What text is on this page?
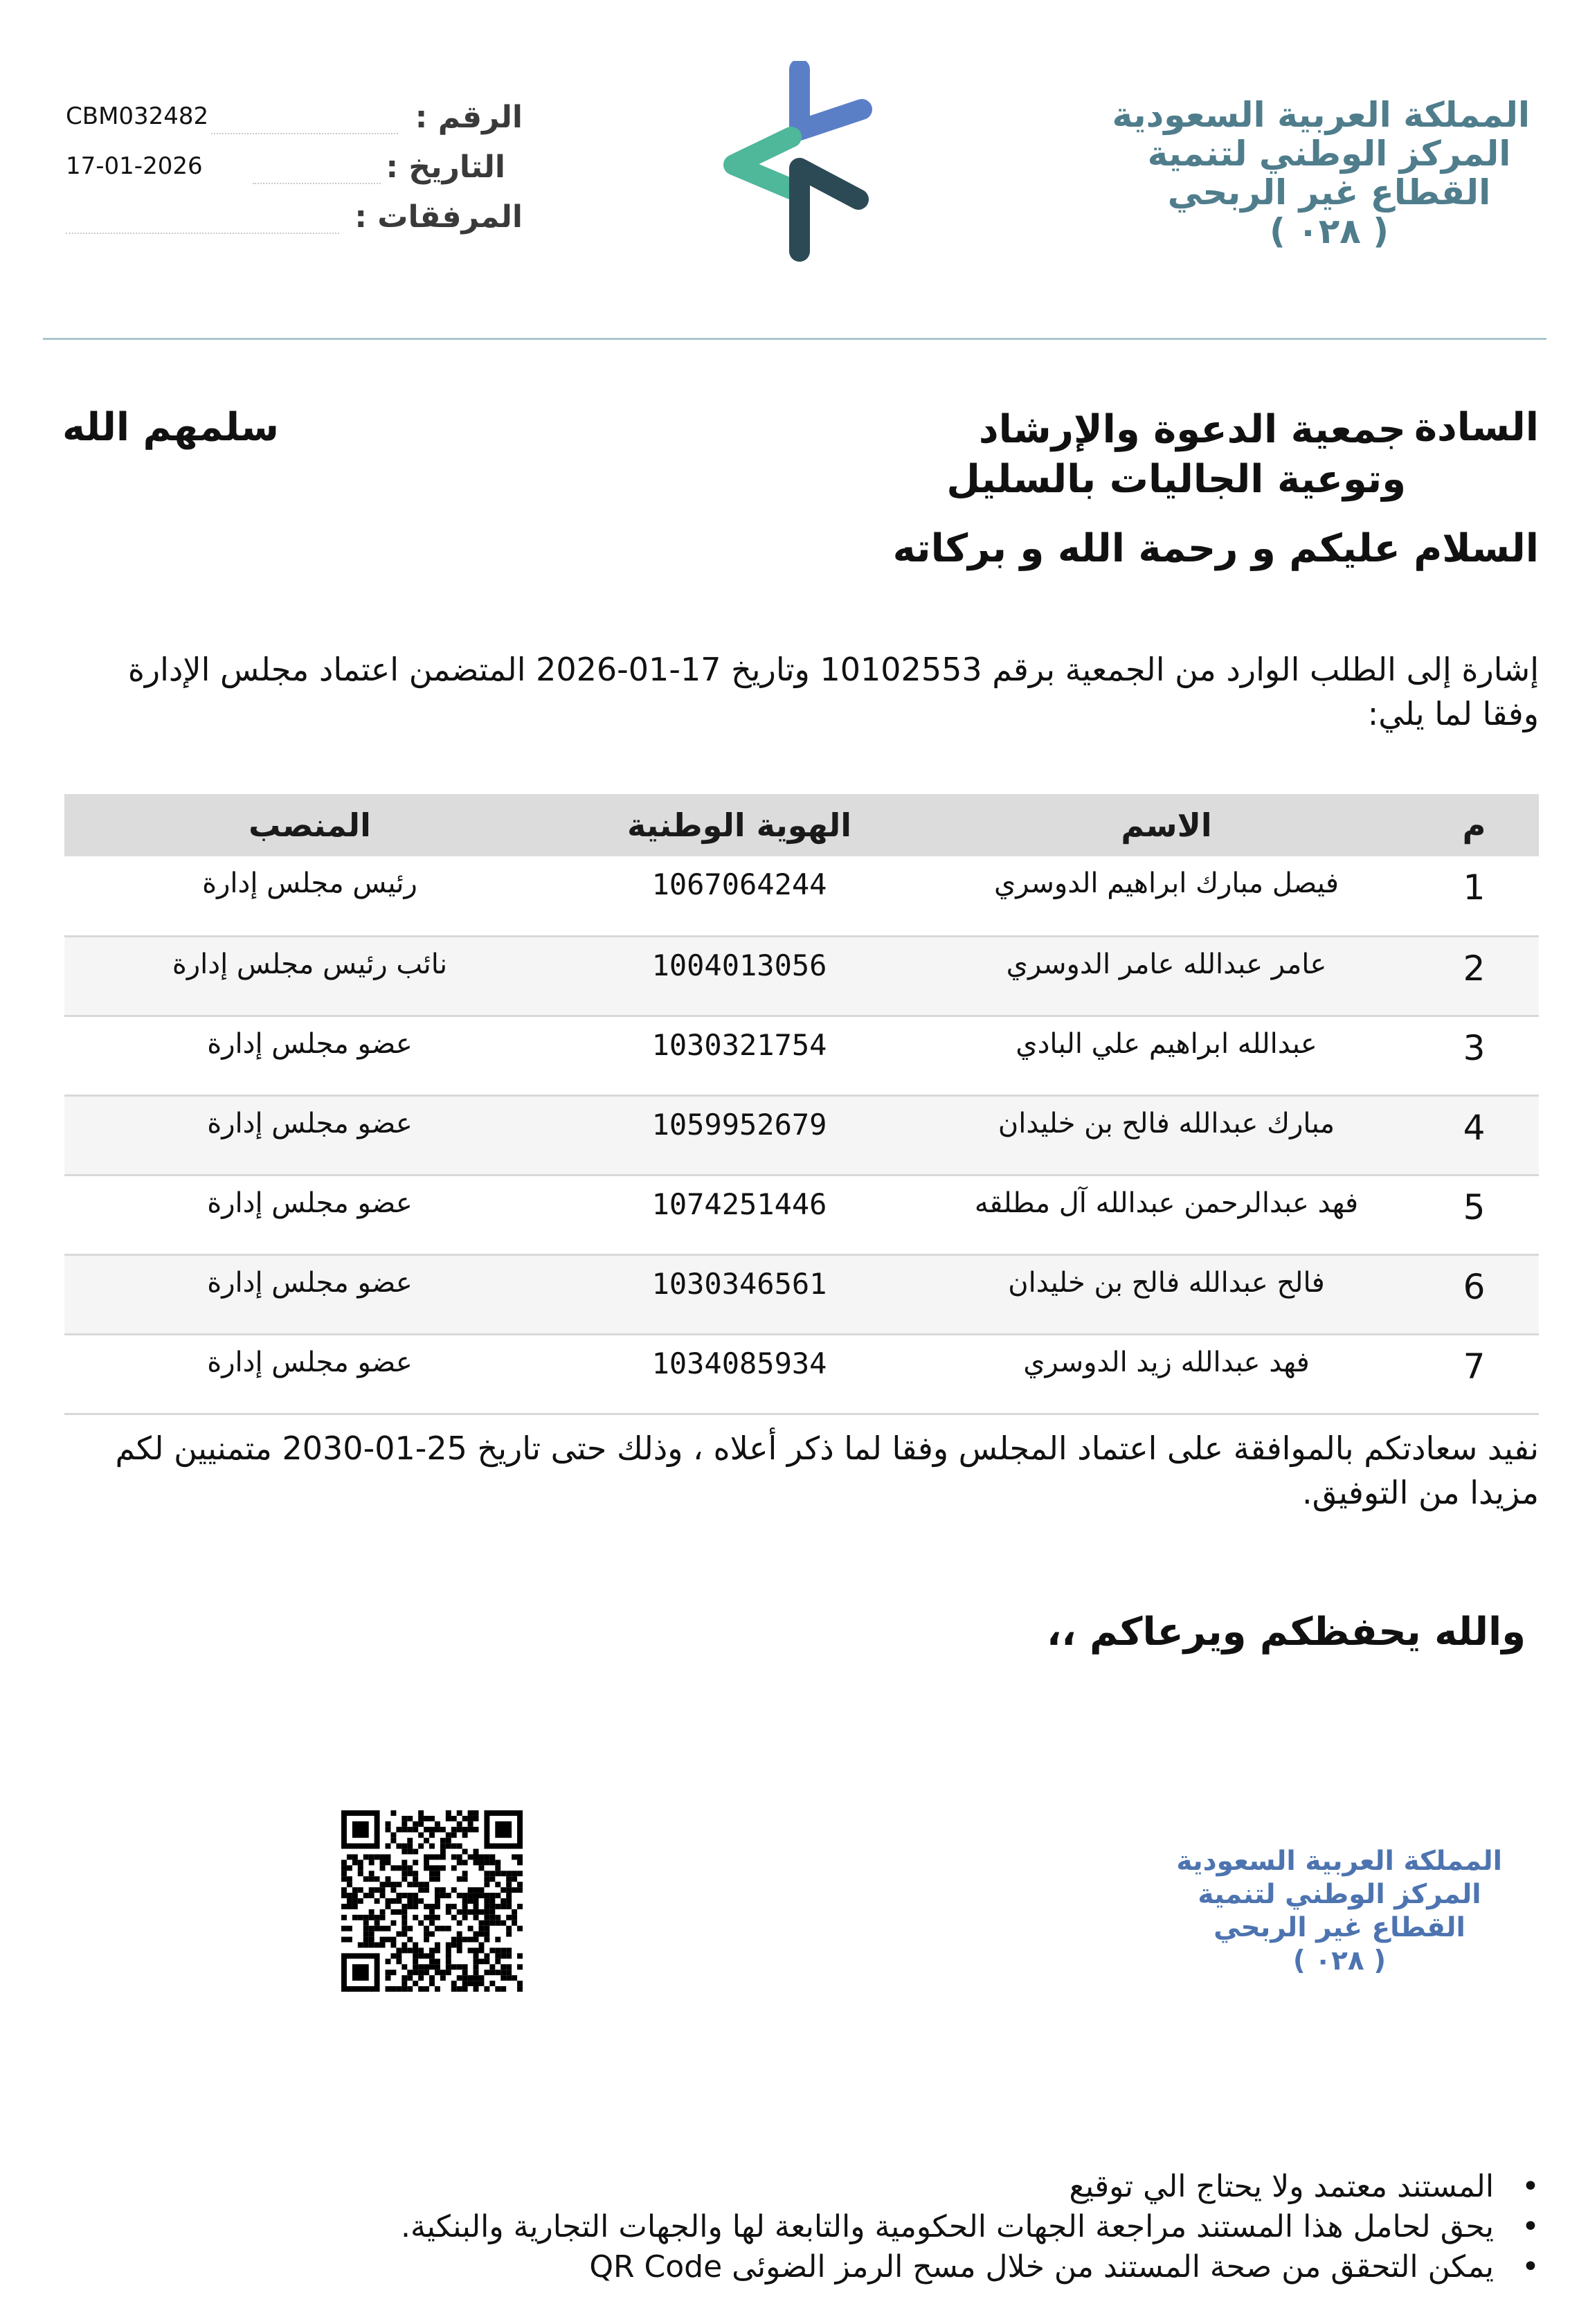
CBM032482	الرقم :
17-01-2026	التاريخ :
المرفقات :
المملكة العربية السعودية
المركز الوطني لتنمية
القطاع غير الربحي
( ٠٢٨ )
السادة
جمعية الدعوة والإرشاد
وتوعية الجاليات بالسليل
سلمهم الله
السلام عليكم و رحمة الله و بركاته
إشارة إلى الطلب الوارد من الجمعية برقم 10102553 وتاريخ 17-01-2026 المتضمن اعتماد مجلس الإدارة وفقا لما يلي:
م	الاسم	الهوية الوطنية	المنصب
1	فيصل مبارك ابراهيم الدوسري	1067064244	رئيس مجلس إدارة
2	عامر عبدالله عامر الدوسري	1004013056	نائب رئيس مجلس إدارة
3	عبدالله ابراهيم علي البادي	1030321754	عضو مجلس إدارة
4	مبارك عبدالله فالح بن خليدان	1059952679	عضو مجلس إدارة
5	فهد عبدالرحمن عبدالله آل مطلقه	1074251446	عضو مجلس إدارة
6	فالح عبدالله فالح بن خليدان	1030346561	عضو مجلس إدارة
7	فهد عبدالله زيد الدوسري	1034085934	عضو مجلس إدارة
نفيد سعادتكم بالموافقة على اعتماد المجلس وفقا لما ذكر أعلاه ، وذلك حتى تاريخ 25-01-2030 متمنيين لكم مزيدا من التوفيق.
والله يحفظكم ويرعاكم ،،
المملكة العربية السعودية
المركز الوطني لتنمية
القطاع غير الربحي
( ٠٢٨ )
•المستند معتمد ولا يحتاج الي توقيع
•يحق لحامل هذا المستند مراجعة الجهات الحكومية والتابعة لها والجهات التجارية والبنكية.
•يمكن التحقق من صحة المستند من خلال مسح الرمز الضوئى QR Code
